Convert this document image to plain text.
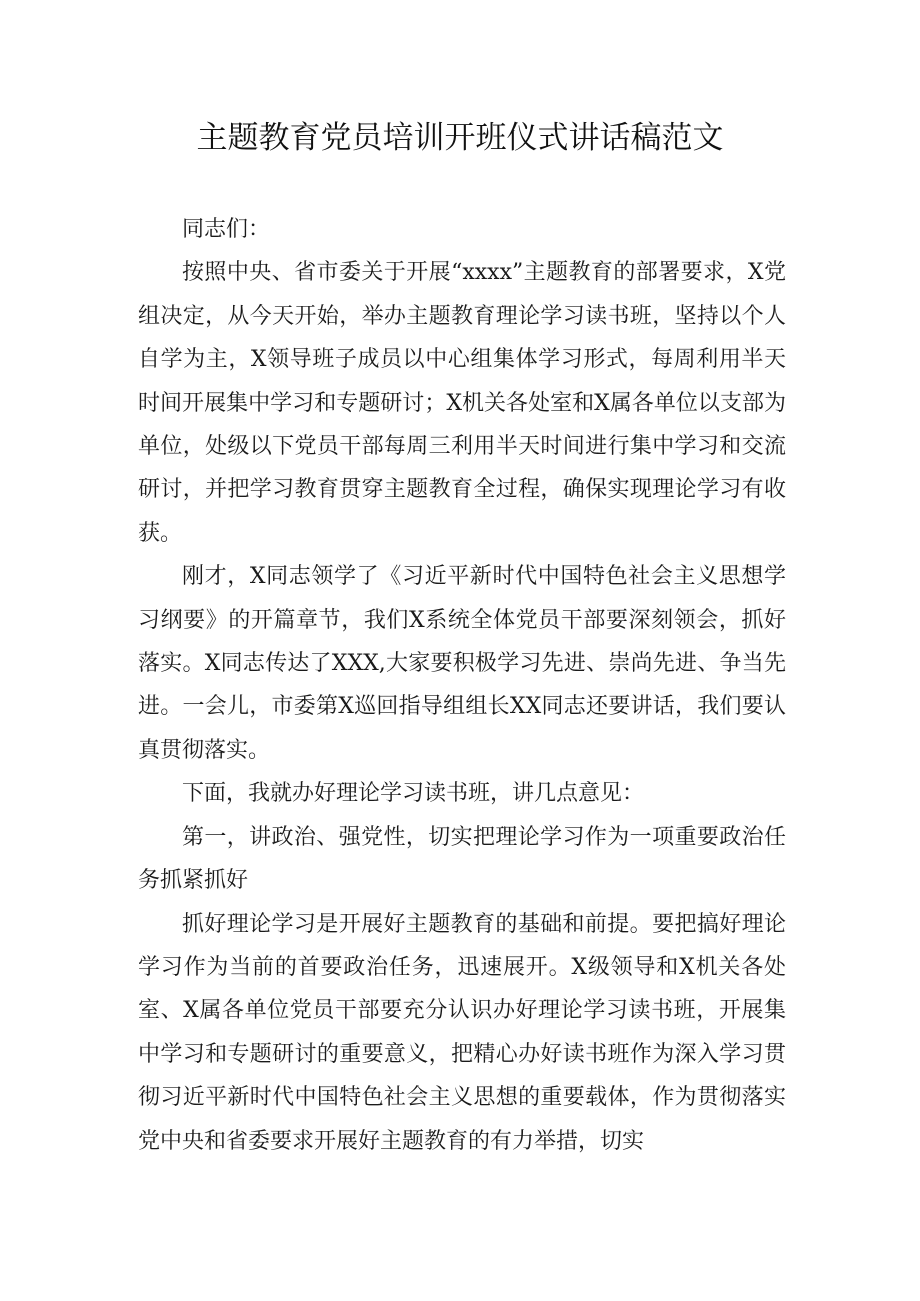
主题教育党员培训开班仪式讲话稿范文

同志们：

按照中央、省市委关于开展“xxxx”主题教育的部署要求，X党组决定，从今天开始，举办主题教育理论学习读书班，坚持以个人自学为主，X领导班子成员以中心组集体学习形式，每周利用半天时间开展集中学习和专题研讨；X机关各处室和X属各单位以支部为单位，处级以下党员干部每周三利用半天时间进行集中学习和交流研讨，并把学习教育贯穿主题教育全过程，确保实现理论学习有收获。

刚才，X同志领学了《习近平新时代中国特色社会主义思想学习纲要》的开篇章节，我们X系统全体党员干部要深刻领会，抓好落实。X同志传达了XXX,大家要积极学习先进、崇尚先进、争当先进。一会儿，市委第X巡回指导组组长XX同志还要讲话，我们要认真贯彻落实。

下面，我就办好理论学习读书班，讲几点意见：

第一，讲政治、强党性，切实把理论学习作为一项重要政治任务抓紧抓好

抓好理论学习是开展好主题教育的基础和前提。要把搞好理论学习作为当前的首要政治任务，迅速展开。X级领导和X机关各处室、X属各单位党员干部要充分认识办好理论学习读书班，开展集中学习和专题研讨的重要意义，把精心办好读书班作为深入学习贯彻习近平新时代中国特色社会主义思想的重要载体，作为贯彻落实党中央和省委要求开展好主题教育的有力举措，切实
